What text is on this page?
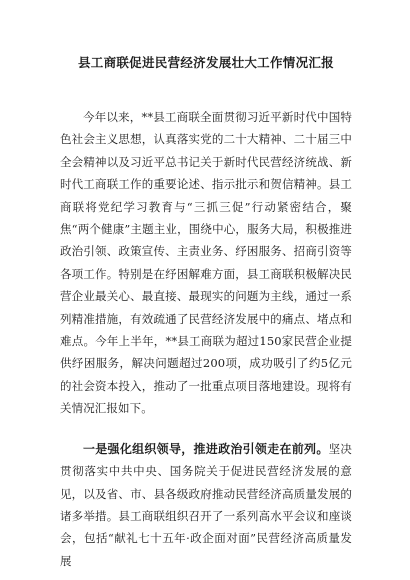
县工商联促进民营经济发展壮大工作情况汇报

今年以来，**县工商联全面贯彻习近平新时代中国特色社会主义思想，认真落实党的二十大精神、二十届三中全会精神以及习近平总书记关于新时代民营经济统战、新时代工商联工作的重要论述、指示批示和贺信精神。县工商联将党纪学习教育与“三抓三促”行动紧密结合，聚焦“两个健康”主题主业，围绕中心，服务大局，积极推进政治引领、政策宣传、主责业务、纾困服务、招商引资等各项工作。特别是在纾困解难方面，县工商联积极解决民营企业最关心、最直接、最现实的问题为主线，通过一系列精准措施，有效疏通了民营经济发展中的痛点、堵点和难点。今年上半年，**县工商联为超过150家民营企业提供纾困服务，解决问题超过200项，成功吸引了约5亿元的社会资本投入，推动了一批重点项目落地建设。现将有关情况汇报如下。

一是强化组织领导，推进政治引领走在前列。坚决贯彻落实中共中央、国务院关于促进民营经济发展的意见，以及省、市、县各级政府推动民营经济高质量发展的诸多举措。县工商联组织召开了一系列高水平会议和座谈会，包括“献礼七十五年·政企面对面”民营经济高质量发展
